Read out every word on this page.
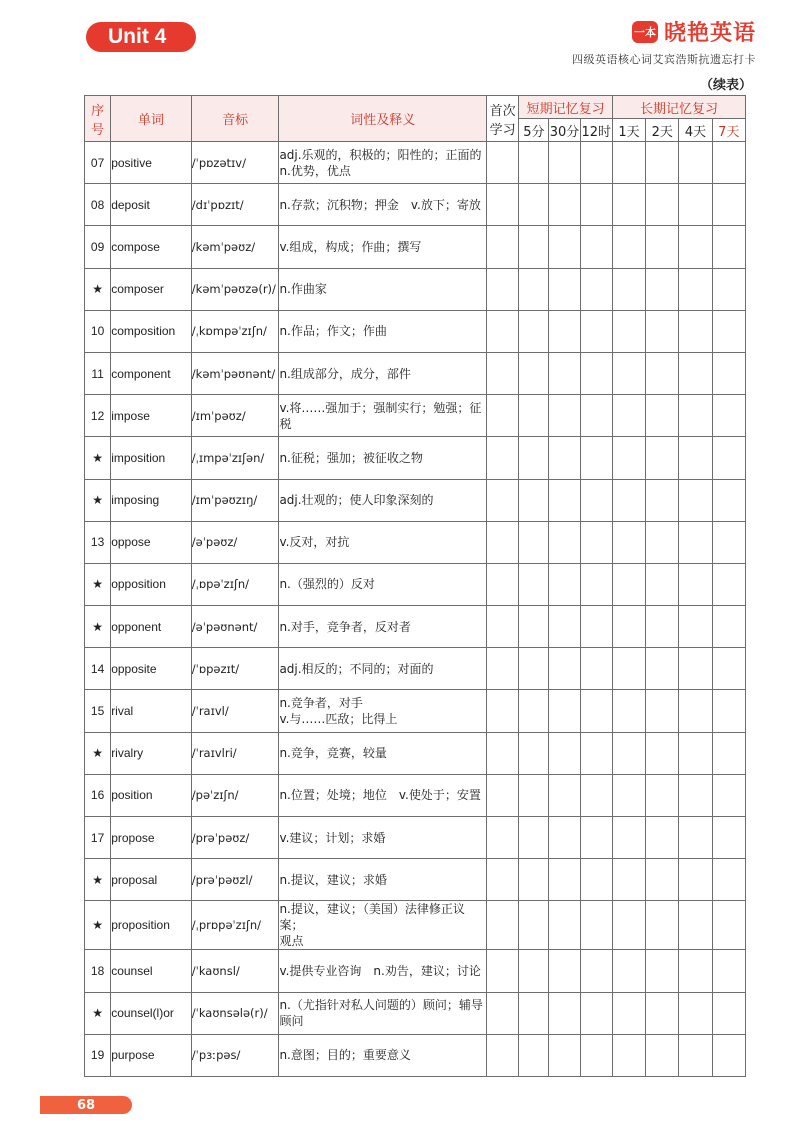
Unit 4	一本 晓艳英语
四级英语核心词艾宾浩斯抗遗忘打卡
（续表）
序号	单词	音标	词性及释义	首次学习	短期记忆复习			长期记忆复习			
					5分	30分	12时	1天	2天	4天	7天
07	positive	/ˈpɒzətɪv/	adj.乐观的，积极的；阳性的；正面的
n.优势，优点								
08	deposit	/dɪˈpɒzɪt/	n.存款；沉积物；押金　v.放下；寄放								
09	compose	/kəmˈpəʊz/	v.组成，构成；作曲；撰写								
★	composer	/kəmˈpəʊzə(r)/	n.作曲家								
10	composition	/ˌkɒmpəˈzɪʃn/	n.作品；作文；作曲								
11	component	/kəmˈpəʊnənt/	n.组成部分，成分，部件								
12	impose	/ɪmˈpəʊz/	v.将……强加于；强制实行；勉强；征税								
★	imposition	/ˌɪmpəˈzɪʃən/	n.征税；强加；被征收之物								
★	imposing	/ɪmˈpəʊzɪŋ/	adj.壮观的；使人印象深刻的								
13	oppose	/əˈpəʊz/	v.反对，对抗								
★	opposition	/ˌɒpəˈzɪʃn/	n.（强烈的）反对								
★	opponent	/əˈpəʊnənt/	n.对手，竞争者，反对者								
14	opposite	/ˈɒpəzɪt/	adj.相反的；不同的；对面的								
15	rival	/ˈraɪvl/	n.竞争者，对手
v.与……匹敌；比得上								
★	rivalry	/ˈraɪvlri/	n.竞争，竞赛，较量								
16	position	/pəˈzɪʃn/	n.位置；处境；地位　v.使处于；安置								
17	propose	/prəˈpəʊz/	v.建议；计划；求婚								
★	proposal	/prəˈpəʊzl/	n.提议，建议；求婚								
★	proposition	/ˌprɒpəˈzɪʃn/	n.提议，建议；（美国）法律修正议案；
观点								
18	counsel	/ˈkaʊnsl/	v.提供专业咨询　n.劝告，建议；讨论								
★	counsel(l)or	/ˈkaʊnsələ(r)/	n.（尤指针对私人问题的）顾问；辅导
顾问								
19	purpose	/ˈpɜːpəs/	n.意图；目的；重要意义								
68
